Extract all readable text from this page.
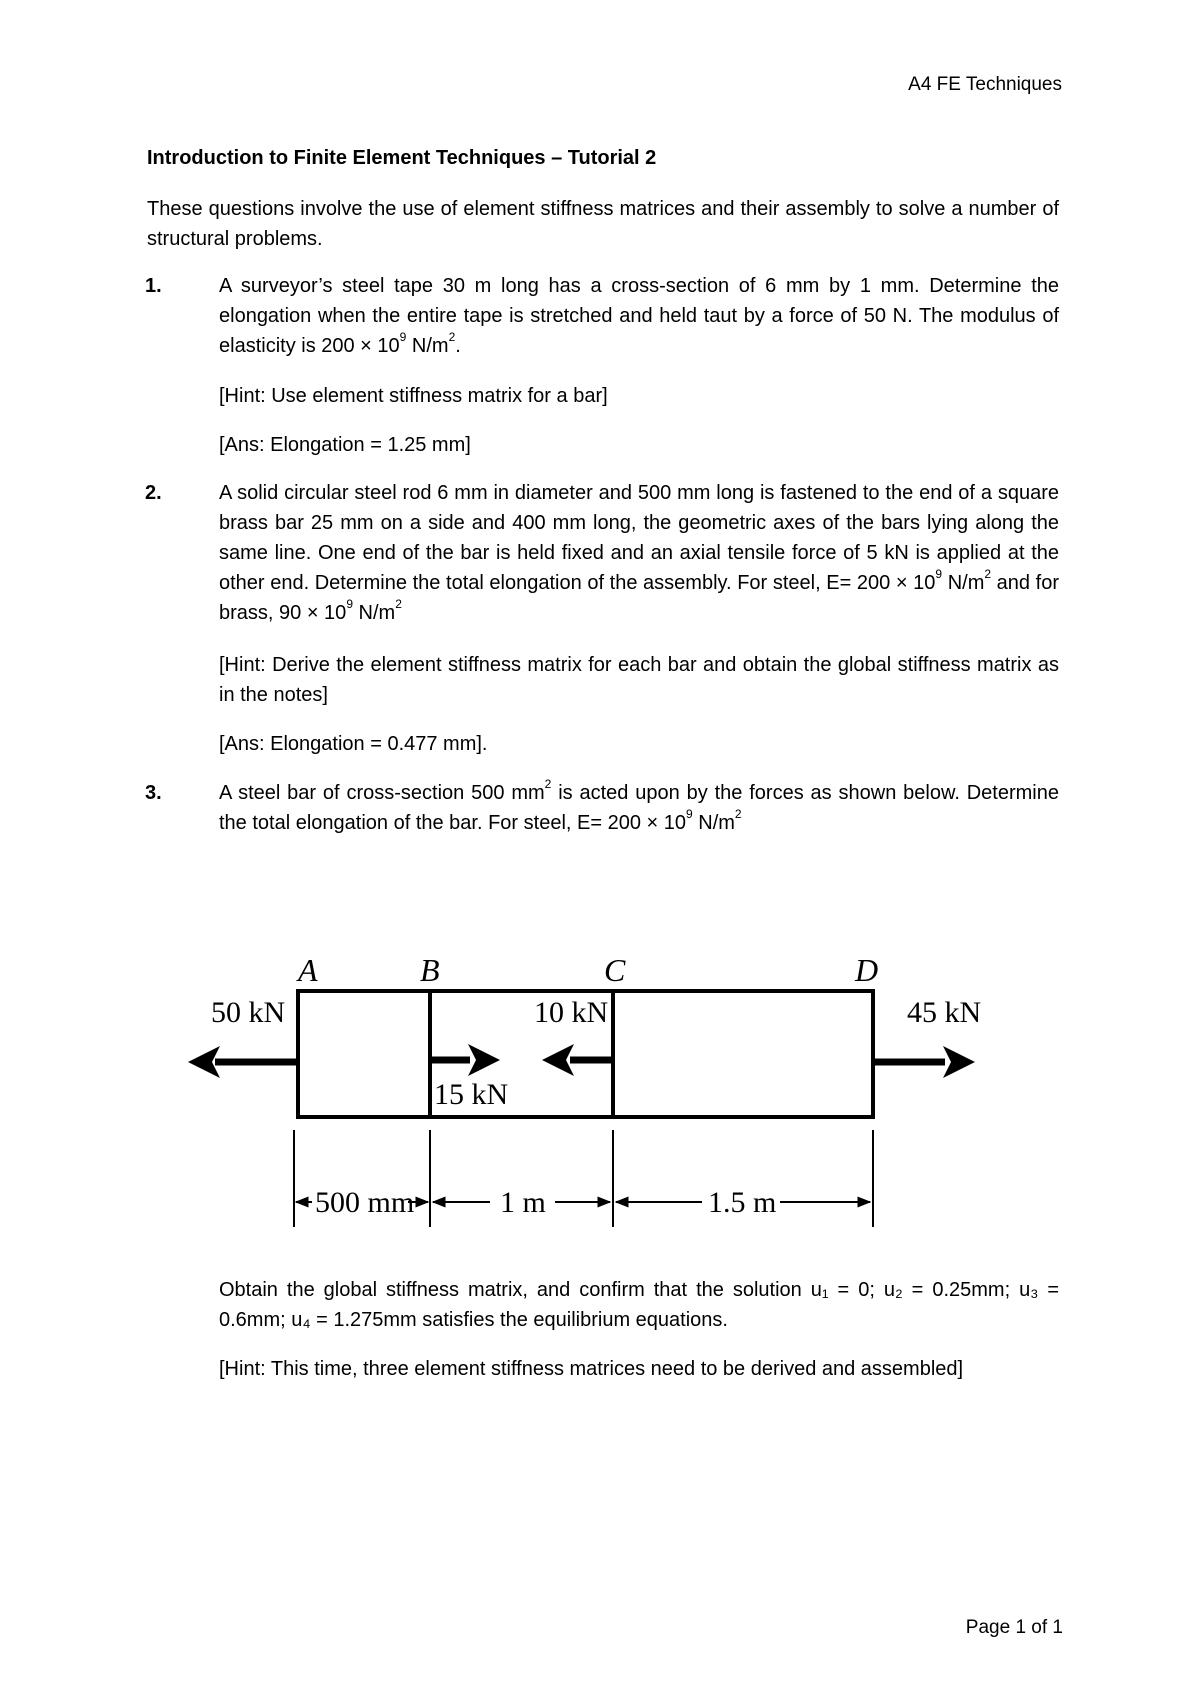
A4 FE Techniques
Introduction to Finite Element Techniques – Tutorial 2
These questions involve the use of element stiffness matrices and their assembly to solve a number of structural problems.
1.	A surveyor’s steel tape 30 m long has a cross-section of 6 mm by 1 mm. Determine the elongation when the entire tape is stretched and held taut by a force of 50 N. The modulus of elasticity is $200 \times 10^9$ $N/m^2$.
[Hint: Use element stiffness matrix for a bar]
[Ans: Elongation = 1.25 mm]
2.	A solid circular steel rod 6 mm in diameter and 500 mm long is fastened to the end of a square brass bar 25 mm on a side and 400 mm long, the geometric axes of the bars lying along the same line. One end of the bar is held fixed and an axial tensile force of 5 kN is applied at the other end. Determine the total elongation of the assembly. For steel, $E= 200 \times 10^9$ $N/m^2$ and for brass, $90 \times 10^9$ $N/m^2$
[Hint: Derive the element stiffness matrix for each bar and obtain the global stiffness matrix as in the notes]
[Ans: Elongation = 0.477 mm].
3.	A steel bar of cross-section 500 $mm^2$ is acted upon by the forces as shown below. Determine the total elongation of the bar. For steel, $E= 200 \times 10^9$ $N/m^2$
A	B	C	D
50 kN
15 kN
10 kN	45 kN
500 mm	1 m	1.5 m
Obtain the global stiffness matrix, and confirm that the solution u₁ = 0; u₂ = 0.25mm; u₃ = 0.6mm; u₄ = 1.275mm satisfies the equilibrium equations.
[Hint: This time, three element stiffness matrices need to be derived and assembled]
Page 1 of 1
